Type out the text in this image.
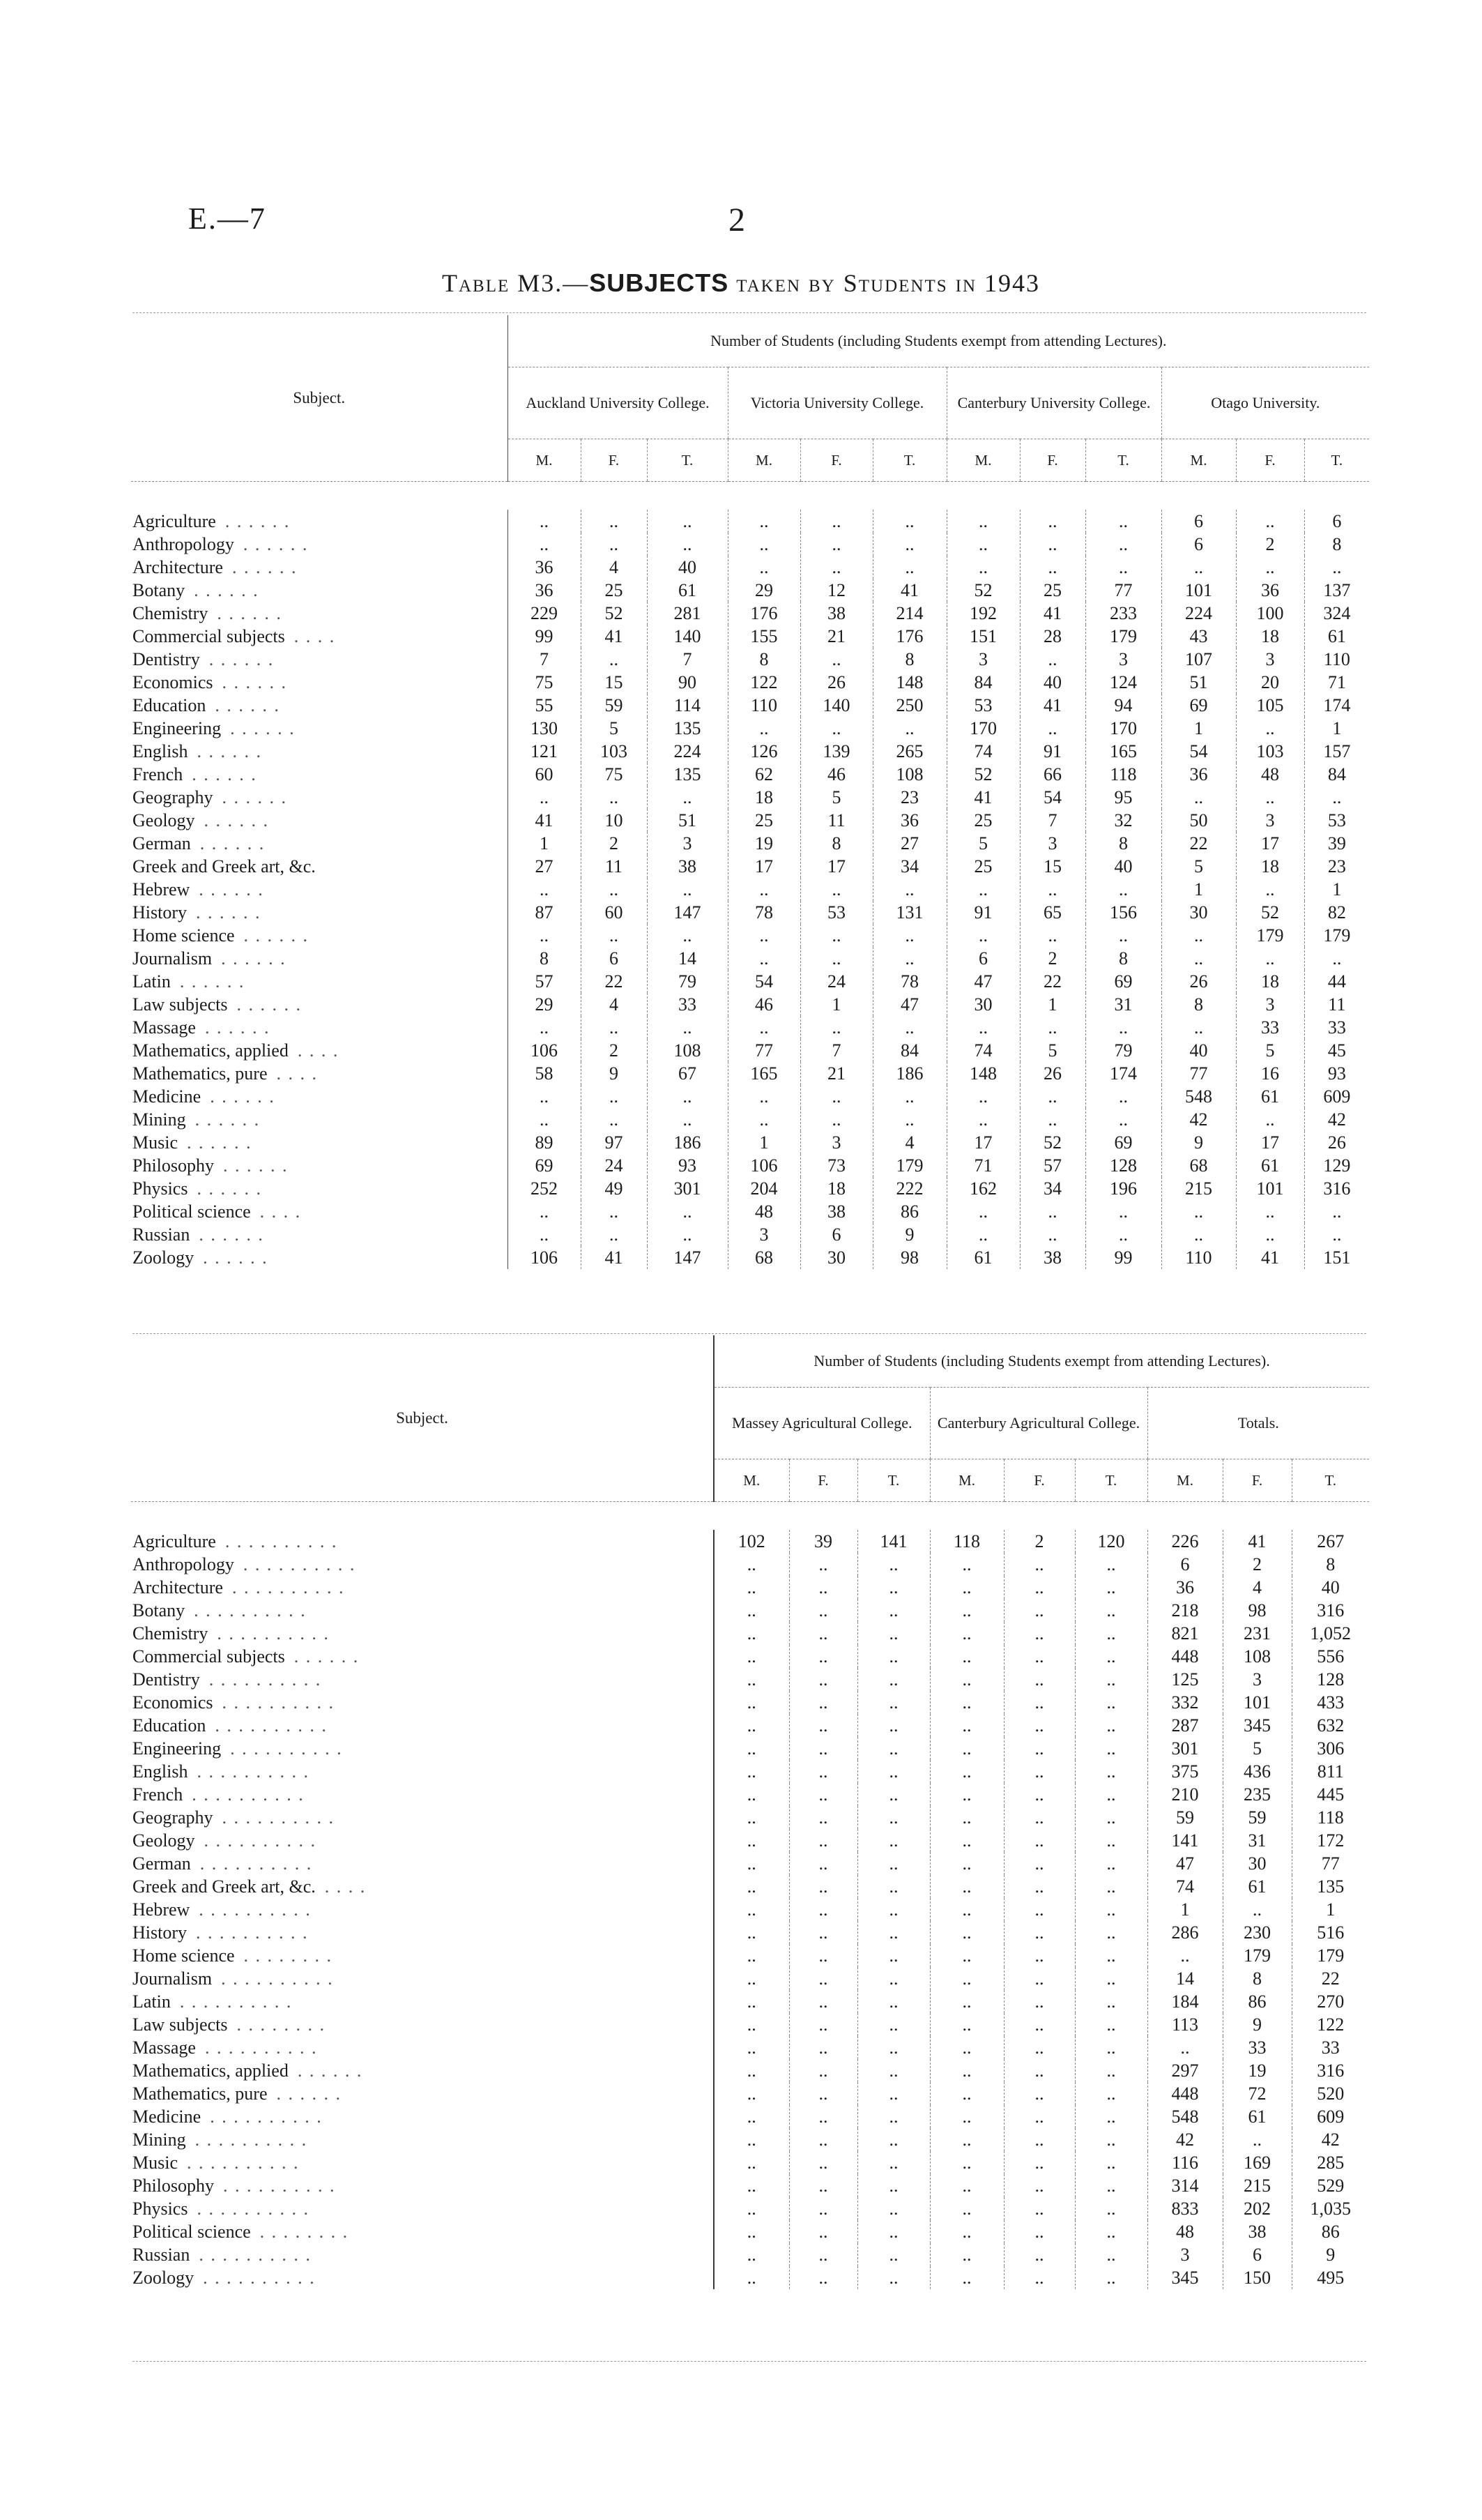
E.—7	2
Table M3.—SUBJECTS taken by Students in 1943
Subject.	Number of Students (including Students exempt from attending Lectures).											
	Auckland University College.			Victoria University College.			Canterbury University College.			Otago University.		
	M.	F.	T.	M.	F.	T.	M.	F.	T.	M.	F.	T.

Agriculture . . . . . .	..	..	..	..	..	..	..	..	..	6	..	6
Anthropology . . . . . .	..	..	..	..	..	..	..	..	..	6	2	8
Architecture . . . . . .	36	4	40	..	..	..	..	..	..	..	..	..
Botany . . . . . .	36	25	61	29	12	41	52	25	77	101	36	137
Chemistry . . . . . .	229	52	281	176	38	214	192	41	233	224	100	324
Commercial subjects . . . .	99	41	140	155	21	176	151	28	179	43	18	61
Dentistry . . . . . .	7	..	7	8	..	8	3	..	3	107	3	110
Economics . . . . . .	75	15	90	122	26	148	84	40	124	51	20	71
Education . . . . . .	55	59	114	110	140	250	53	41	94	69	105	174
Engineering . . . . . .	130	5	135	..	..	..	170	..	170	1	..	1
English . . . . . .	121	103	224	126	139	265	74	91	165	54	103	157
French . . . . . .	60	75	135	62	46	108	52	66	118	36	48	84
Geography . . . . . .	..	..	..	18	5	23	41	54	95	..	..	..
Geology . . . . . .	41	10	51	25	11	36	25	7	32	50	3	53
German . . . . . .	1	2	3	19	8	27	5	3	8	22	17	39
Greek and Greek art, &c.	27	11	38	17	17	34	25	15	40	5	18	23
Hebrew . . . . . .	..	..	..	..	..	..	..	..	..	1	..	1
History . . . . . .	87	60	147	78	53	131	91	65	156	30	52	82
Home science . . . . . .	..	..	..	..	..	..	..	..	..	..	179	179
Journalism . . . . . .	8	6	14	..	..	..	6	2	8	..	..	..
Latin . . . . . .	57	22	79	54	24	78	47	22	69	26	18	44
Law subjects . . . . . .	29	4	33	46	1	47	30	1	31	8	3	11
Massage . . . . . .	..	..	..	..	..	..	..	..	..	..	33	33
Mathematics, applied . . . .	106	2	108	77	7	84	74	5	79	40	5	45
Mathematics, pure . . . .	58	9	67	165	21	186	148	26	174	77	16	93
Medicine . . . . . .	..	..	..	..	..	..	..	..	..	548	61	609
Mining . . . . . .	..	..	..	..	..	..	..	..	..	42	..	42
Music . . . . . .	89	97	186	1	3	4	17	52	69	9	17	26
Philosophy . . . . . .	69	24	93	106	73	179	71	57	128	68	61	129
Physics . . . . . .	252	49	301	204	18	222	162	34	196	215	101	316
Political science . . . .	..	..	..	48	38	86	..	..	..	..	..	..
Russian . . . . . .	..	..	..	3	6	9	..	..	..	..	..	..
Zoology . . . . . .	106	41	147	68	30	98	61	38	99	110	41	151
Subject.	Number of Students (including Students exempt from attending Lectures).								
	Massey Agricultural College.			Canterbury Agricultural College.			Totals.		
	M.	F.	T.	M.	F.	T.	M.	F.	T.

Agriculture . . . . . . . . . .	102	39	141	118	2	120	226	41	267
Anthropology . . . . . . . . . .	..	..	..	..	..	..	6	2	8
Architecture . . . . . . . . . .	..	..	..	..	..	..	36	4	40
Botany . . . . . . . . . .	..	..	..	..	..	..	218	98	316
Chemistry . . . . . . . . . .	..	..	..	..	..	..	821	231	1,052
Commercial subjects . . . . . .	..	..	..	..	..	..	448	108	556
Dentistry . . . . . . . . . .	..	..	..	..	..	..	125	3	128
Economics . . . . . . . . . .	..	..	..	..	..	..	332	101	433
Education . . . . . . . . . .	..	..	..	..	..	..	287	345	632
Engineering . . . . . . . . . .	..	..	..	..	..	..	301	5	306
English . . . . . . . . . .	..	..	..	..	..	..	375	436	811
French . . . . . . . . . .	..	..	..	..	..	..	210	235	445
Geography . . . . . . . . . .	..	..	..	..	..	..	59	59	118
Geology . . . . . . . . . .	..	..	..	..	..	..	141	31	172
German . . . . . . . . . .	..	..	..	..	..	..	47	30	77
Greek and Greek art, &c. . . . .	..	..	..	..	..	..	74	61	135
Hebrew . . . . . . . . . .	..	..	..	..	..	..	1	..	1
History . . . . . . . . . .	..	..	..	..	..	..	286	230	516
Home science . . . . . . . .	..	..	..	..	..	..	..	179	179
Journalism . . . . . . . . . .	..	..	..	..	..	..	14	8	22
Latin . . . . . . . . . .	..	..	..	..	..	..	184	86	270
Law subjects . . . . . . . .	..	..	..	..	..	..	113	9	122
Massage . . . . . . . . . .	..	..	..	..	..	..	..	33	33
Mathematics, applied . . . . . .	..	..	..	..	..	..	297	19	316
Mathematics, pure . . . . . .	..	..	..	..	..	..	448	72	520
Medicine . . . . . . . . . .	..	..	..	..	..	..	548	61	609
Mining . . . . . . . . . .	..	..	..	..	..	..	42	..	42
Music . . . . . . . . . .	..	..	..	..	..	..	116	169	285
Philosophy . . . . . . . . . .	..	..	..	..	..	..	314	215	529
Physics . . . . . . . . . .	..	..	..	..	..	..	833	202	1,035
Political science . . . . . . . .	..	..	..	..	..	..	48	38	86
Russian . . . . . . . . . .	..	..	..	..	..	..	3	6	9
Zoology . . . . . . . . . .	..	..	..	..	..	..	345	150	495
